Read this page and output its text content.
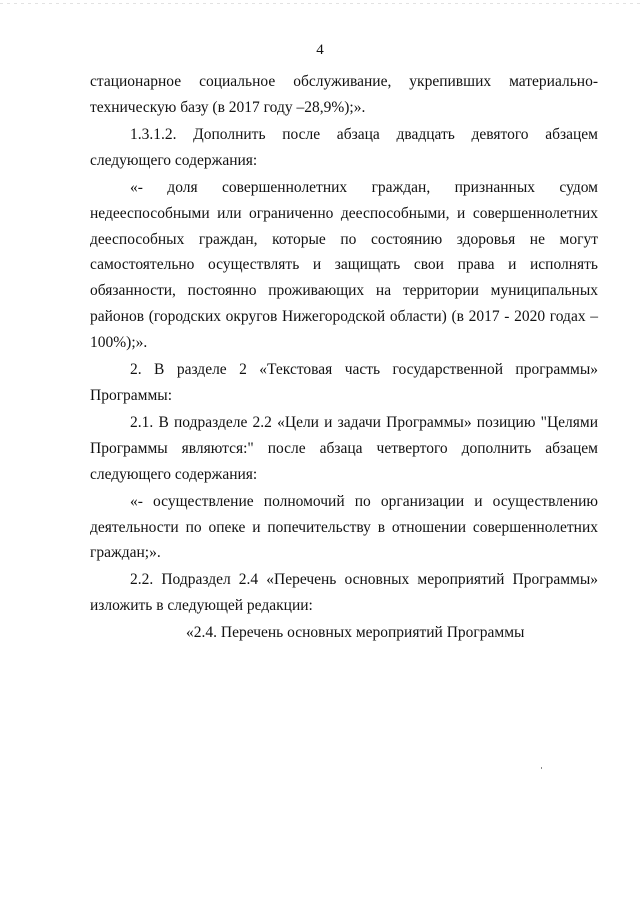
4

стационарное социальное обслуживание, укрепивших материально-техническую базу (в 2017 году –28,9%);».

1.3.1.2. Дополнить после абзаца двадцать девятого абзацем следующего содержания:

«- доля совершеннолетних граждан, признанных судом недееспособными или ограниченно дееспособными, и совершеннолетних дееспособных граждан, которые по состоянию здоровья не могут самостоятельно осуществлять и защищать свои права и исполнять обязанности, постоянно проживающих на территории муниципальных районов (городских округов Нижегородской области) (в 2017 - 2020 годах – 100%);».

2. В разделе 2 «Текстовая часть государственной программы» Программы:

2.1. В подразделе 2.2 «Цели и задачи Программы» позицию "Целями Программы являются:" после абзаца четвертого дополнить абзацем следующего содержания:

«- осуществление полномочий по организации и осуществлению деятельности по опеке и попечительству в отношении совершеннолетних граждан;».

2.2. Подраздел 2.4 «Перечень основных мероприятий Программы» изложить в следующей редакции:

«2.4. Перечень основных мероприятий Программы
